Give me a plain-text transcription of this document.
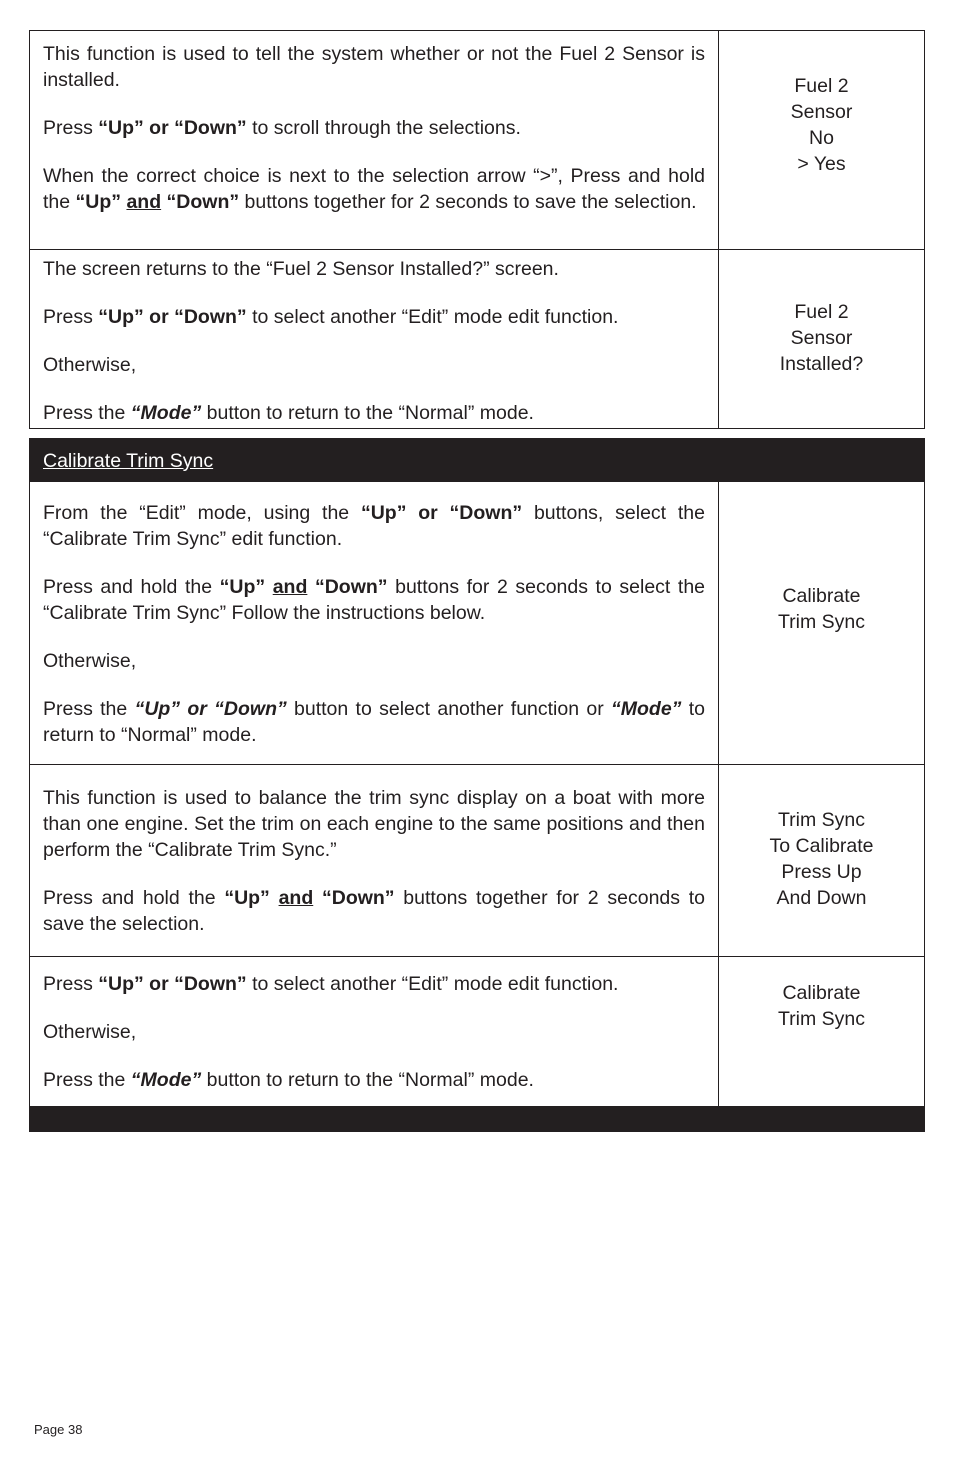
This function is used to tell the system whether or not the Fuel 2 Sensor is installed.

Press “Up” or “Down” to scroll through the selections.

When the correct choice is next to the selection arrow “>”, Press and hold the “Up” and “Down” buttons together for 2 seconds to save the selection.

Fuel 2
Sensor
No
> Yes

The screen returns to the “Fuel 2 Sensor Installed?” screen.

Press “Up” or “Down” to select another “Edit” mode edit function.

Otherwise,

Press the “Mode” button to return to the “Normal” mode.

Fuel 2
Sensor
Installed?
Calibrate Trim Sync

From the “Edit” mode, using the “Up” or “Down” buttons, select the “Calibrate Trim Sync” edit function.

Press and hold the “Up” and “Down” buttons for 2 seconds to select the “Calibrate Trim Sync” Follow the instructions below.

Otherwise,

Press the “Up” or “Down” button to select another function or “Mode” to return to “Normal” mode.

Calibrate
Trim Sync

This function is used to balance the trim sync display on a boat with more than one engine. Set the trim on each engine to the same positions and then perform the “Calibrate Trim Sync.”

Press and hold the “Up” and “Down” buttons together for 2 seconds to save the selection.

Trim Sync
To Calibrate
Press Up
And Down

Press “Up” or “Down” to select another “Edit” mode edit function.

Otherwise,

Press the “Mode” button to return to the “Normal” mode.

Calibrate
Trim Sync
Page 38
